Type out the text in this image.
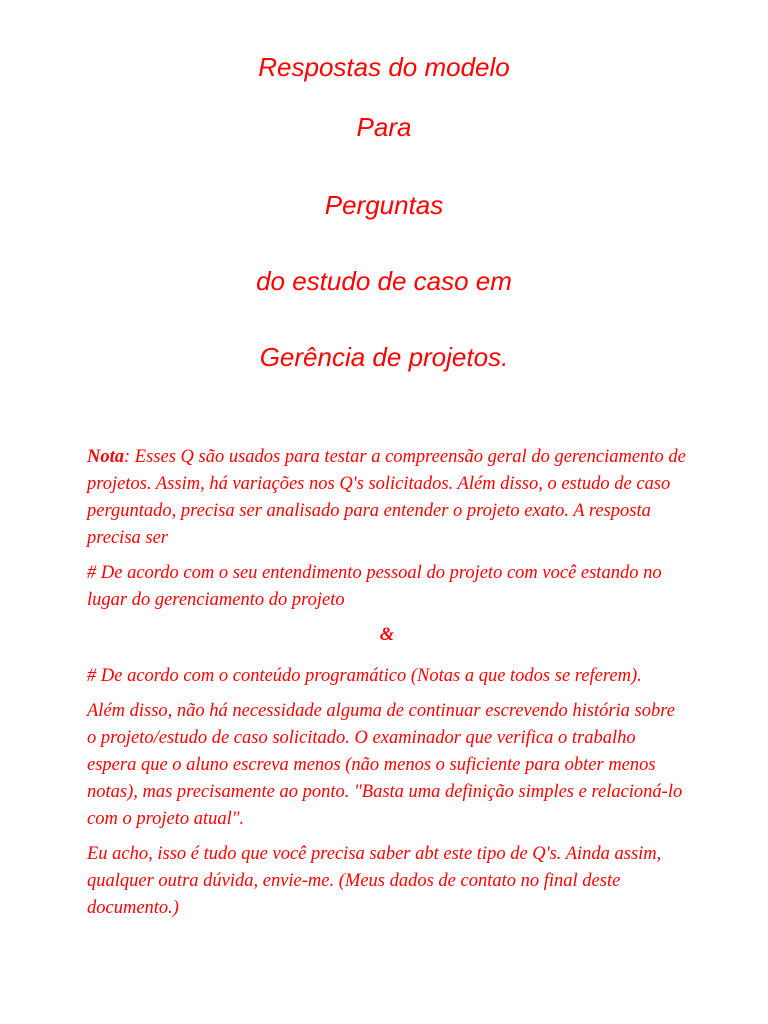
Respostas do modelo
Para
Perguntas
do estudo de caso em
Gerência de projetos.

Nota: Esses Q são usados para testar a compreensão geral do gerenciamento de projetos. Assim, há variações nos Q's solicitados. Além disso, o estudo de caso perguntado, precisa ser analisado para entender o projeto exato. A resposta precisa ser

# De acordo com o seu entendimento pessoal do projeto com você estando no lugar do gerenciamento do projeto

&

# De acordo com o conteúdo programático (Notas a que todos se referem).

Além disso, não há necessidade alguma de continuar escrevendo história sobre o projeto/estudo de caso solicitado. O examinador que verifica o trabalho espera que o aluno escreva menos (não menos o suficiente para obter menos notas), mas precisamente ao ponto. "Basta uma definição simples e relacioná-lo com o projeto atual".

Eu acho, isso é tudo que você precisa saber abt este tipo de Q's. Ainda assim, qualquer outra dúvida, envie-me. (Meus dados de contato no final deste documento.)
